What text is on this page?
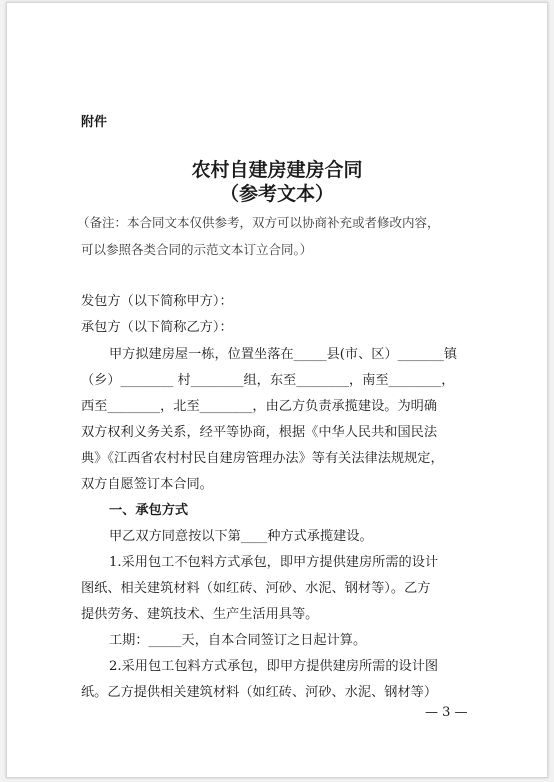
附件
农村自建房建房合同
（参考文本）
（备注：本合同文本仅供参考，双方可以协商补充或者修改内容，
可以参照各类合同的示范文本订立合同。）
发包方（以下简称甲方）：
承包方（以下简称乙方）：
甲方拟建房屋一栋，位置坐落在_____县(市、区）_______镇
（乡）________ 村________组，东至________，南至________，
西至________，北至________，由乙方负责承揽建设。为明确
双方权利义务关系，经平等协商，根据《中华人民共和国民法
典》《江西省农村村民自建房管理办法》等有关法律法规规定，
双方自愿签订本合同。
一、承包方式
甲乙双方同意按以下第____种方式承揽建设。
1.采用包工不包料方式承包，即甲方提供建房所需的设计
图纸、相关建筑材料（如红砖、河砂、水泥、钢材等）。乙方
提供劳务、建筑技术、生产生活用具等。
工期：_____天，自本合同签订之日起计算。
2.采用包工包料方式承包，即甲方提供建房所需的设计图
纸。乙方提供相关建筑材料（如红砖、河砂、水泥、钢材等）
— 3 —
